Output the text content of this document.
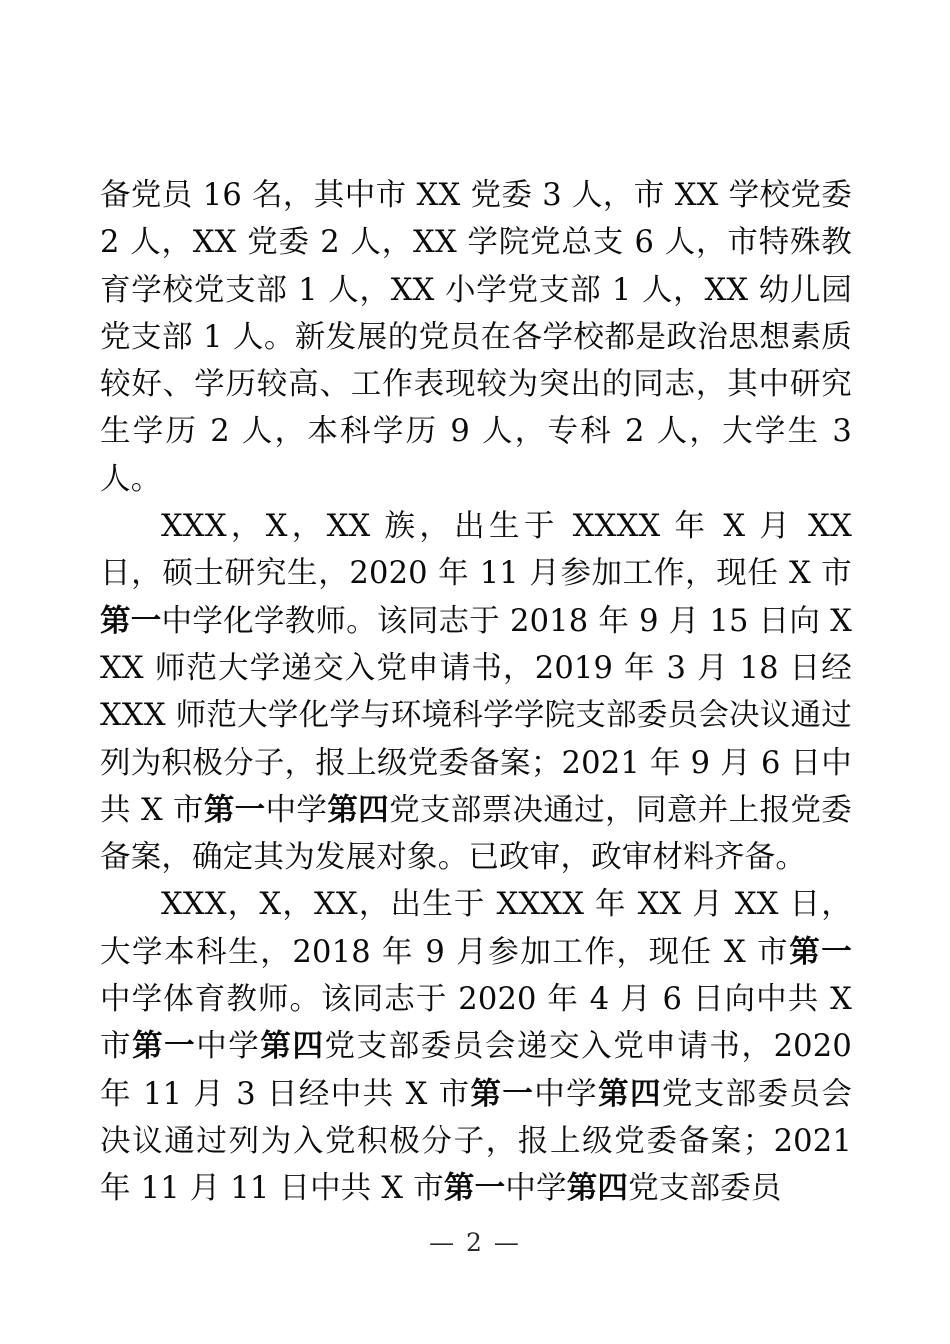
备党员 16 名，其中市 XX 党委 3 人，市 XX 学校党委 2 人，XX 党委 2 人，XX 学院党总支 6 人，市特殊教育学校党支部 1 人，XX 小学党支部 1 人，XX 幼儿园党支部 1 人。新发展的党员在各学校都是政治思想素质较好、学历较高、工作表现较为突出的同志，其中研究生学历 2 人，本科学历 9 人，专科 2 人，大学生 3 人。

XXX，X，XX 族，出生于 XXXX 年 X 月 XX 日，硕士研究生，2020 年 11 月参加工作，现任 X 市第一中学化学教师。该同志于 2018 年 9 月 15 日向 XXX 师范大学递交入党申请书，2019 年 3 月 18 日经 XXX 师范大学化学与环境科学学院支部委员会决议通过列为积极分子，报上级党委备案；2021 年 9 月 6 日中共 X 市第一中学第四党支部票决通过，同意并上报党委备案，确定其为发展对象。已政审，政审材料齐备。

XXX，X，XX，出生于 XXXX 年 XX 月 XX 日，大学本科生，2018 年 9 月参加工作，现任 X 市第一中学体育教师。该同志于 2020 年 4 月 6 日向中共 X 市第一中学第四党支部委员会递交入党申请书，2020 年 11 月 3 日经中共 X 市第一中学第四党支部委员会决议通过列为入党积极分子，报上级党委备案；2021 年 11 月 11 日中共 X 市第一中学第四党支部委员

— 2 —
